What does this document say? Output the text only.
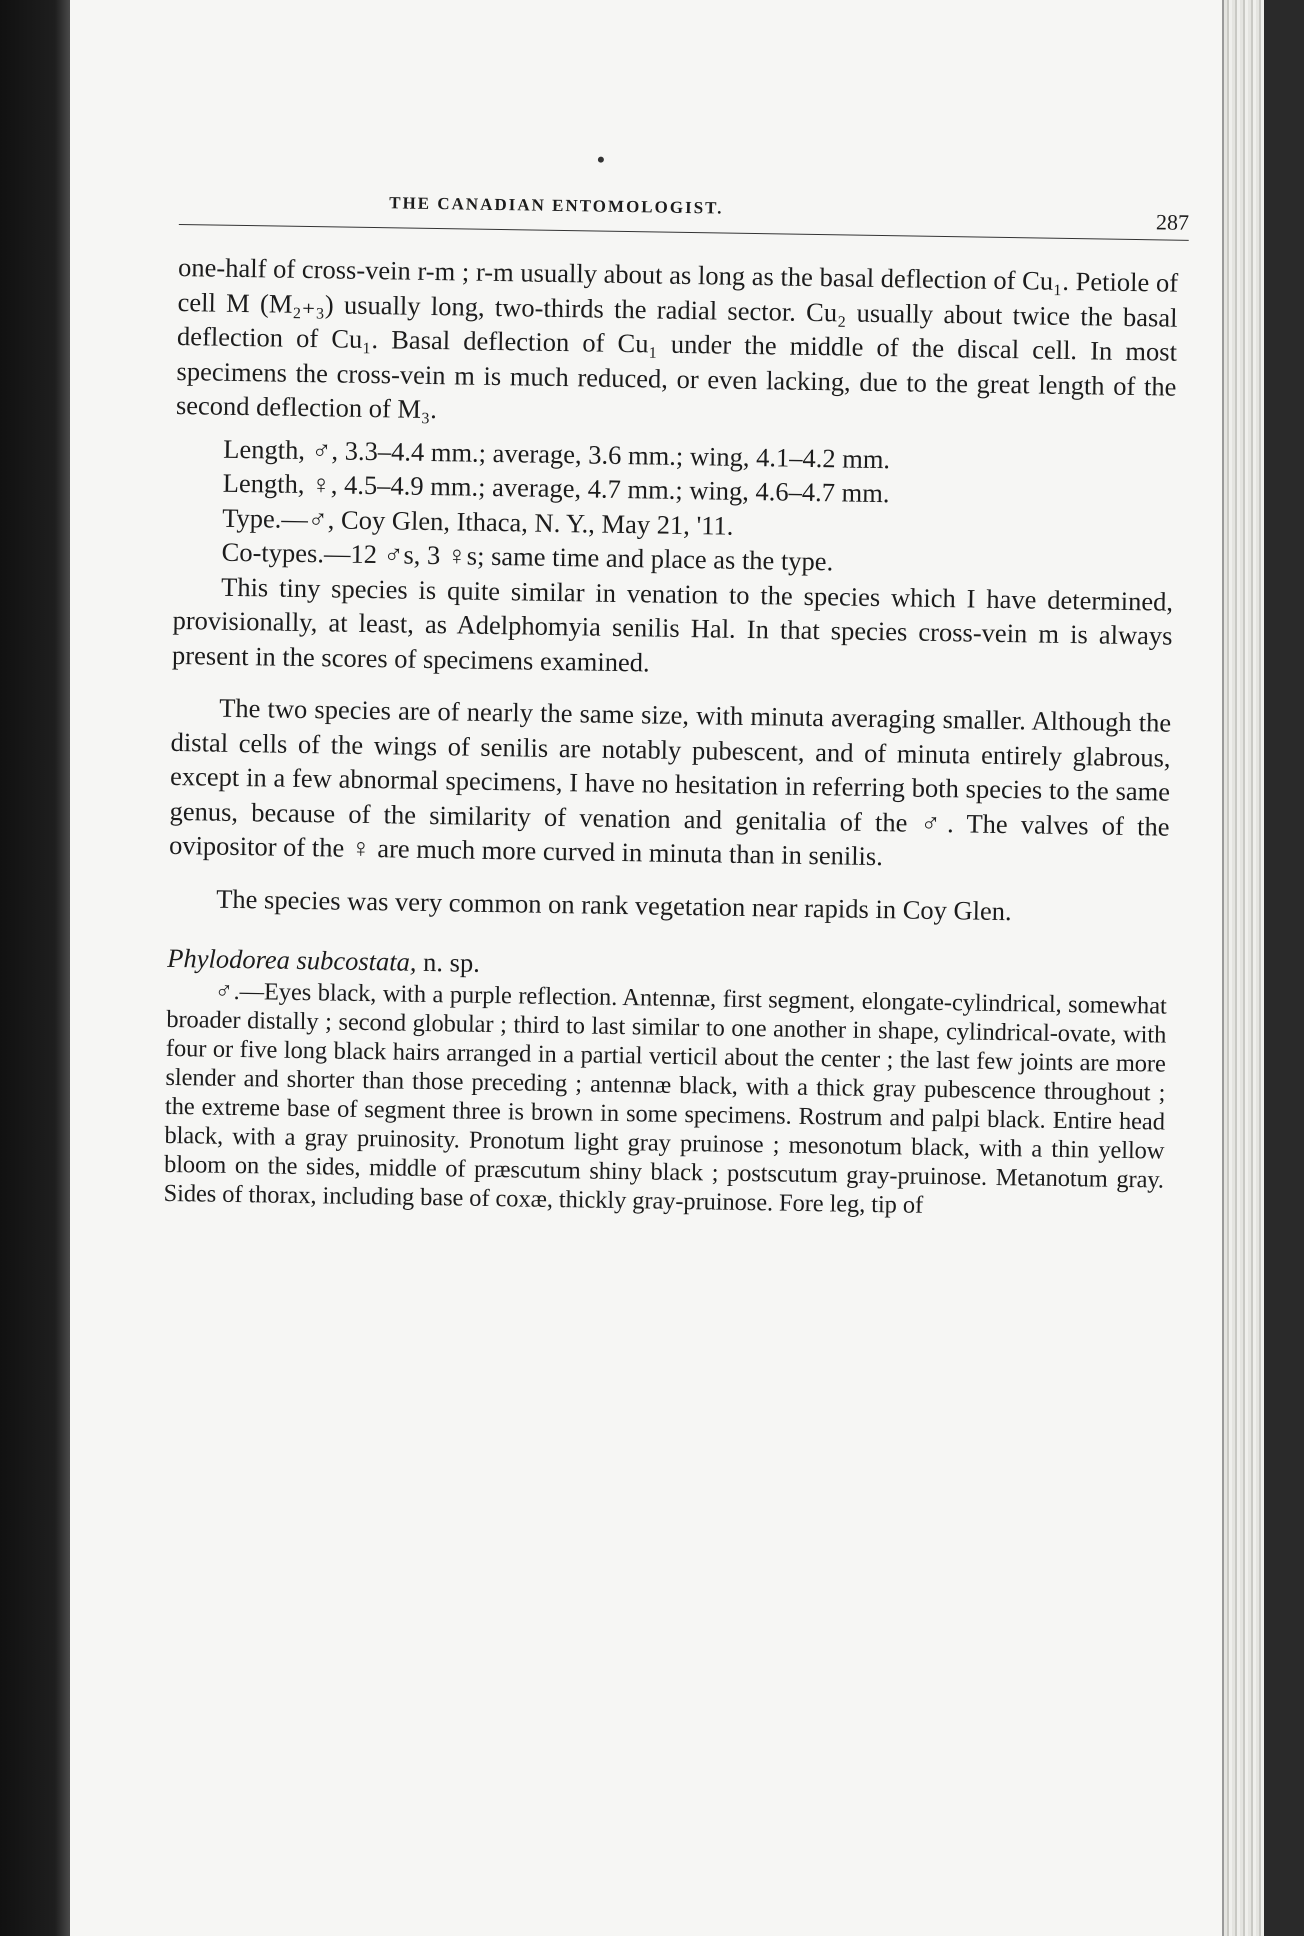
THE CANADIAN ENTOMOLOGIST.
287

one-half of cross-vein r-m ; r-m usually about as long as the basal deflection of Cu₁. Petiole of cell M (M₂₊₃) usually long, two-thirds the radial sector. Cu₂ usually about twice the basal deflection of Cu₁. Basal deflection of Cu₁ under the middle of the discal cell. In most specimens the cross-vein m is much reduced, or even lacking, due to the great length of the second deflection of M₃.

Length, ♂, 3.3–4.4 mm.; average, 3.6 mm.; wing, 4.1–4.2 mm.

Length, ♀, 4.5–4.9 mm.; average, 4.7 mm.; wing, 4.6–4.7 mm.

Type.—♂, Coy Glen, Ithaca, N. Y., May 21, '11.

Co-types.—12 ♂s, 3 ♀s; same time and place as the type.

This tiny species is quite similar in venation to the species which I have determined, provisionally, at least, as Adelphomyia senilis Hal. In that species cross-vein m is always present in the scores of specimens examined.

The two species are of nearly the same size, with minuta averaging smaller. Although the distal cells of the wings of senilis are notably pubescent, and of minuta entirely glabrous, except in a few abnormal specimens, I have no hesitation in referring both species to the same genus, because of the similarity of venation and genitalia of the ♂. The valves of the ovipositor of the ♀ are much more curved in minuta than in senilis.

The species was very common on rank vegetation near rapids in Coy Glen.

Phylodorea subcostata, n. sp.

♂.—Eyes black, with a purple reflection. Antennæ, first segment, elongate-cylindrical, somewhat broader distally ; second globular ; third to last similar to one another in shape, cylindrical-ovate, with four or five long black hairs arranged in a partial verticil about the center ; the last few joints are more slender and shorter than those preceding ; antennæ black, with a thick gray pubescence throughout ; the extreme base of segment three is brown in some specimens. Rostrum and palpi black. Entire head black, with a gray pruinosity. Pronotum light gray pruinose ; mesonotum black, with a thin yellow bloom on the sides, middle of præscutum shiny black ; postscutum gray-pruinose. Metanotum gray. Sides of thorax, including base of coxæ, thickly gray-pruinose. Fore leg, tip of
